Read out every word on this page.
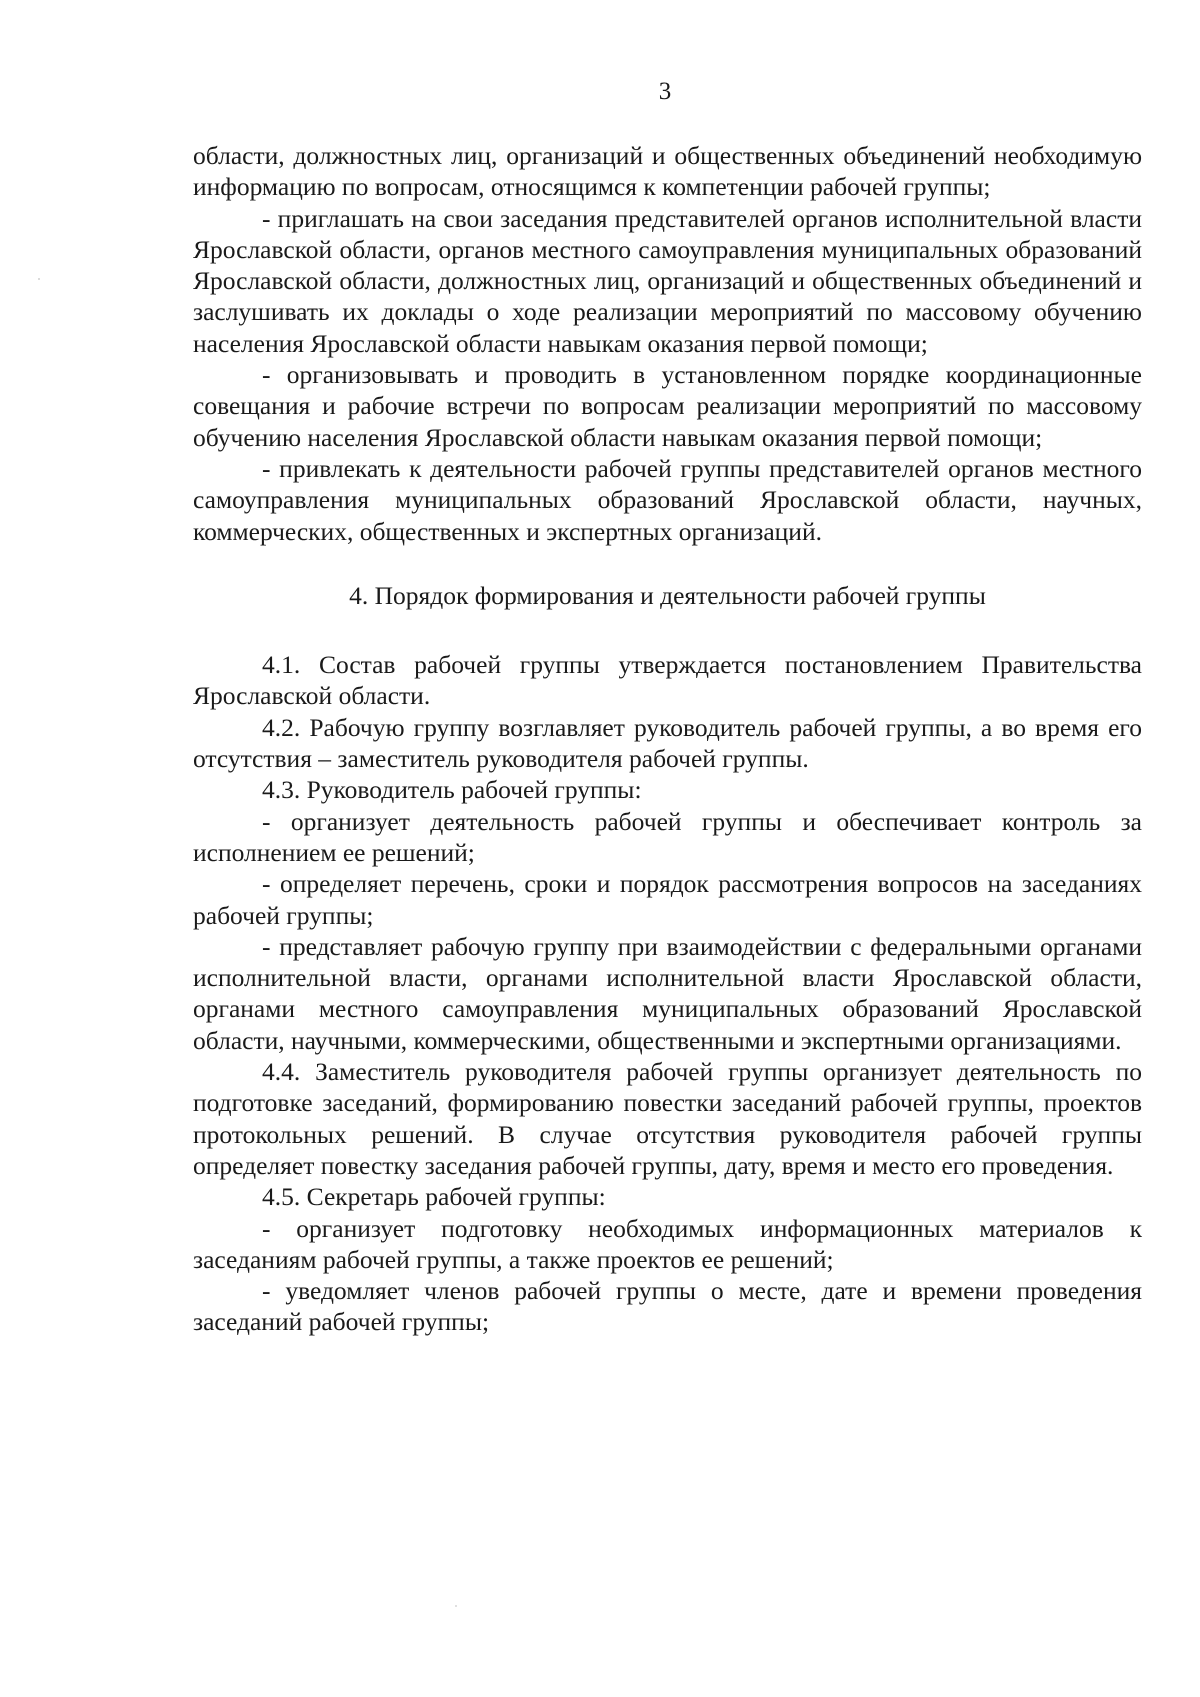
3

области, должностных лиц, организаций и общественных объединений необходимую информацию по вопросам, относящимся к компетенции рабочей группы;

- приглашать на свои заседания представителей органов исполнительной власти Ярославской области, органов местного самоуправления муниципальных образований Ярославской области, должностных лиц, организаций и общественных объединений и заслушивать их доклады о ходе реализации мероприятий по массовому обучению населения Ярославской области навыкам оказания первой помощи;

- организовывать и проводить в установленном порядке координационные совещания и рабочие встречи по вопросам реализации мероприятий по массовому обучению населения Ярославской области навыкам оказания первой помощи;

- привлекать к деятельности рабочей группы представителей органов местного самоуправления муниципальных образований Ярославской области, научных, коммерческих, общественных и экспертных организаций.

4. Порядок формирования и деятельности рабочей группы

4.1. Состав рабочей группы утверждается постановлением Правительства Ярославской области.

4.2. Рабочую группу возглавляет руководитель рабочей группы, а во время его отсутствия – заместитель руководителя рабочей группы.

4.3. Руководитель рабочей группы:

- организует деятельность рабочей группы и обеспечивает контроль за исполнением ее решений;

- определяет перечень, сроки и порядок рассмотрения вопросов на заседаниях рабочей группы;

- представляет рабочую группу при взаимодействии с федеральными органами исполнительной власти, органами исполнительной власти Ярославской области, органами местного самоуправления муниципальных образований Ярославской области, научными, коммерческими, общественными и экспертными организациями.

4.4. Заместитель руководителя рабочей группы организует деятельность по подготовке заседаний, формированию повестки заседаний рабочей группы, проектов протокольных решений. В случае отсутствия руководителя рабочей группы определяет повестку заседания рабочей группы, дату, время и место его проведения.

4.5. Секретарь рабочей группы:

- организует подготовку необходимых информационных материалов к заседаниям рабочей группы, а также проектов ее решений;

- уведомляет членов рабочей группы о месте, дате и времени проведения заседаний рабочей группы;
